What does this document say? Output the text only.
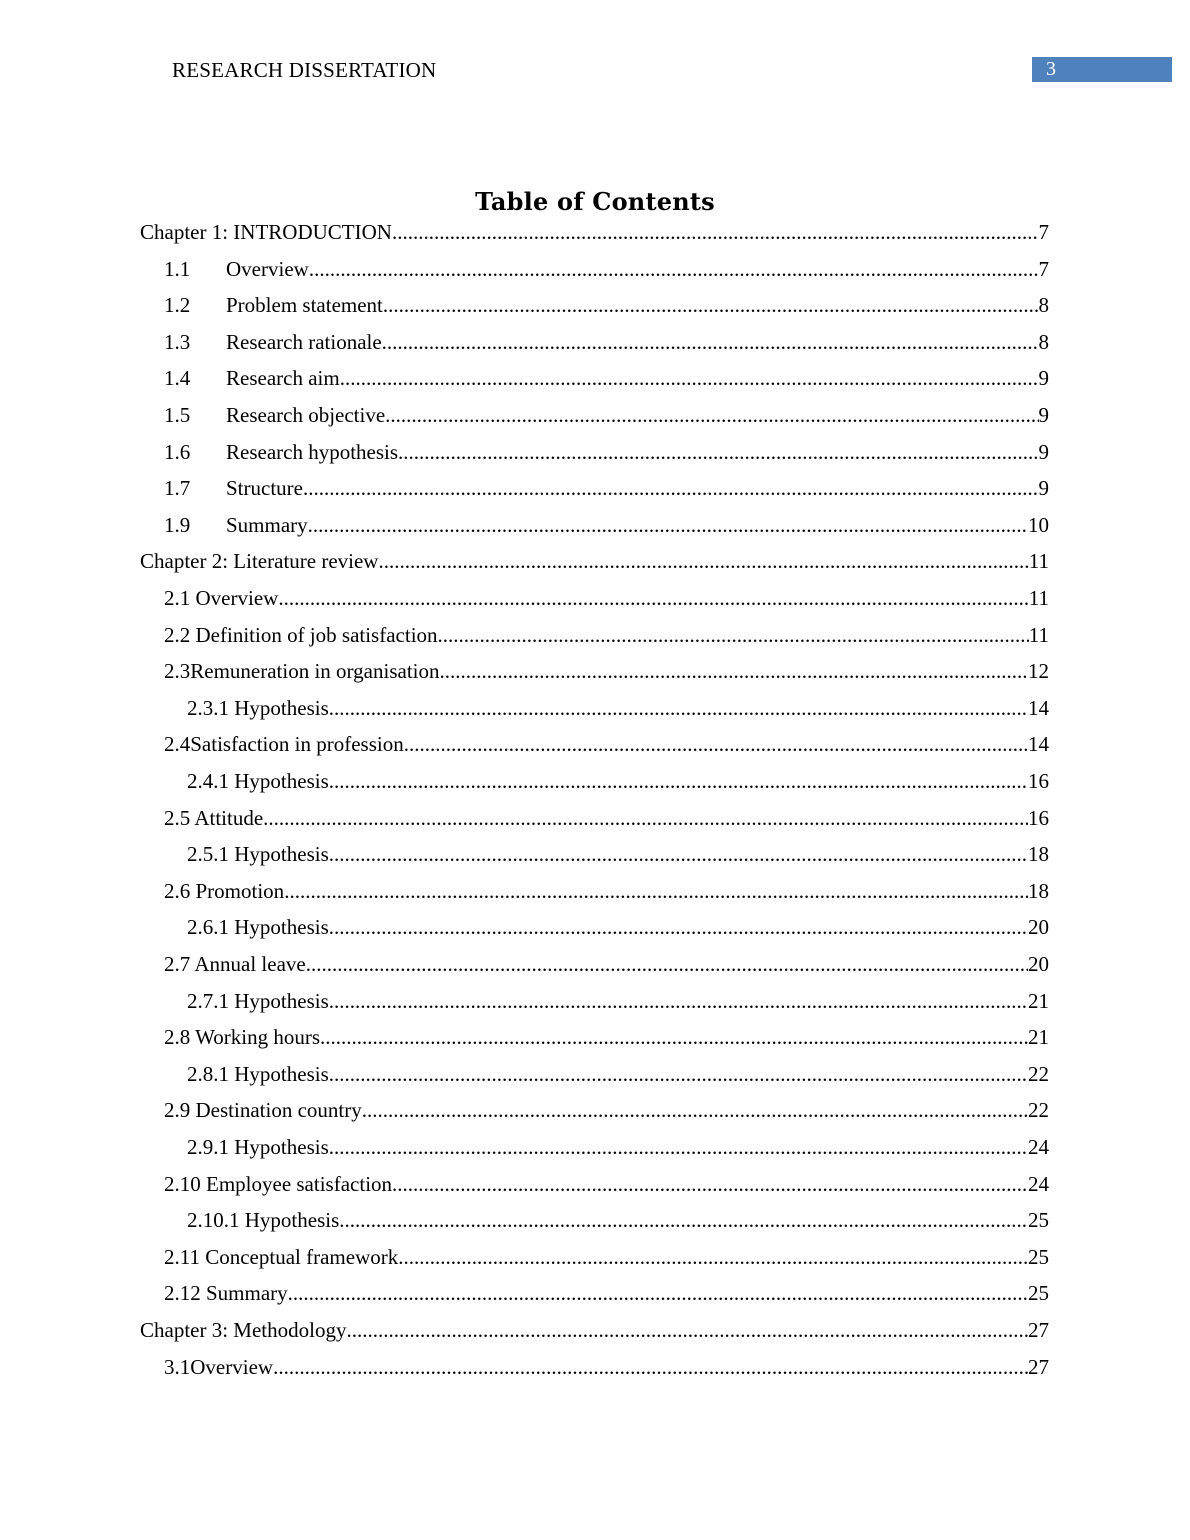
RESEARCH DISSERTATION	3
Table of Contents
Chapter 1: INTRODUCTION .....	7
1.1	Overview .....	7
1.2	Problem statement .....	8
1.3	Research rationale .....	8
1.4	Research aim .....	9
1.5	Research objective .....	9
1.6	Research hypothesis .....	9
1.7	Structure .....	9
1.9	Summary .....	10
Chapter 2: Literature review .....	11
2.1 Overview .....	11
2.2 Definition of job satisfaction .....	11
2.3Remuneration in organisation .....	12
2.3.1 Hypothesis .....	14
2.4Satisfaction in profession .....	14
2.4.1 Hypothesis .....	16
2.5 Attitude .....	16
2.5.1 Hypothesis .....	18
2.6 Promotion .....	18
2.6.1 Hypothesis .....	20
2.7 Annual leave .....	20
2.7.1 Hypothesis .....	21
2.8 Working hours .....	21
2.8.1 Hypothesis .....	22
2.9 Destination country .....	22
2.9.1 Hypothesis .....	24
2.10 Employee satisfaction .....	24
2.10.1 Hypothesis .....	25
2.11 Conceptual framework .....	25
2.12 Summary .....	25
Chapter 3: Methodology .....	27
3.1Overview .....	27
